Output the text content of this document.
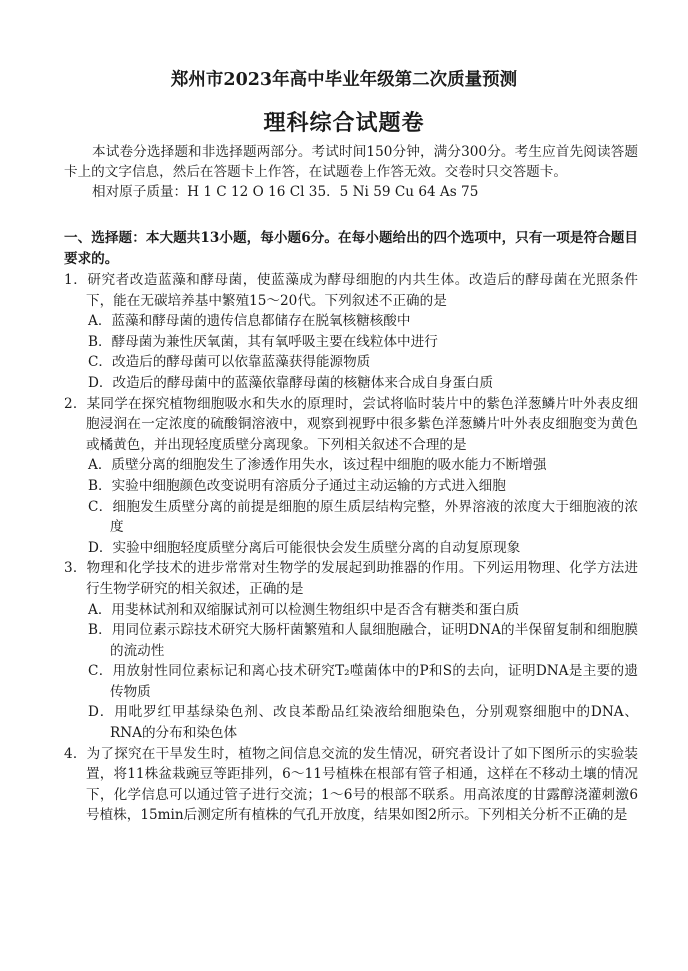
郑州市2023年高中毕业年级第二次质量预测
理科综合试题卷

本试卷分选择题和非选择题两部分。考试时间150分钟，满分300分。考生应首先阅读答题卡上的文字信息，然后在答题卡上作答，在试题卷上作答无效。交卷时只交答题卡。

相对原子质量：H 1 C 12 O 16 Cl 35．5 Ni 59 Cu 64 As 75

一、选择题：本大题共13小题，每小题6分。在每小题给出的四个选项中，只有一项是符合题目要求的。

1．研究者改造蓝藻和酵母菌，使蓝藻成为酵母细胞的内共生体。改造后的酵母菌在光照条件下，能在无碳培养基中繁殖15～20代。下列叙述不正确的是

A．蓝藻和酵母菌的遗传信息都储存在脱氧核糖核酸中

B．酵母菌为兼性厌氧菌，其有氧呼吸主要在线粒体中进行

C．改造后的酵母菌可以依靠蓝藻获得能源物质

D．改造后的酵母菌中的蓝藻依靠酵母菌的核糖体来合成自身蛋白质

2．某同学在探究植物细胞吸水和失水的原理时，尝试将临时装片中的紫色洋葱鳞片叶外表皮细胞浸润在一定浓度的硫酸铜溶液中，观察到视野中很多紫色洋葱鳞片叶外表皮细胞变为黄色或橘黄色，并出现轻度质壁分离现象。下列相关叙述不合理的是

A．质壁分离的细胞发生了渗透作用失水，该过程中细胞的吸水能力不断增强

B．实验中细胞颜色改变说明有溶质分子通过主动运输的方式进入细胞

C．细胞发生质壁分离的前提是细胞的原生质层结构完整，外界溶液的浓度大于细胞液的浓度

D．实验中细胞轻度质壁分离后可能很快会发生质壁分离的自动复原现象

3．物理和化学技术的进步常常对生物学的发展起到助推器的作用。下列运用物理、化学方法进行生物学研究的相关叙述，正确的是

A．用斐林试剂和双缩脲试剂可以检测生物组织中是否含有糖类和蛋白质

B．用同位素示踪技术研究大肠杆菌繁殖和人鼠细胞融合，证明DNA的半保留复制和细胞膜的流动性

C．用放射性同位素标记和离心技术研究T₂噬菌体中的P和S的去向，证明DNA是主要的遗传物质

D．用吡罗红甲基绿染色剂、改良苯酚品红染液给细胞染色，分别观察细胞中的DNA、RNA的分布和染色体

4．为了探究在干旱发生时，植物之间信息交流的发生情况，研究者设计了如下图所示的实验装置，将11株盆栽豌豆等距排列，6～11号植株在根部有管子相通，这样在不移动土壤的情况下，化学信息可以通过管子进行交流；1～6号的根部不联系。用高浓度的甘露醇浇灌刺激6号植株，15min后测定所有植株的气孔开放度，结果如图2所示。下列相关分析不正确的是
